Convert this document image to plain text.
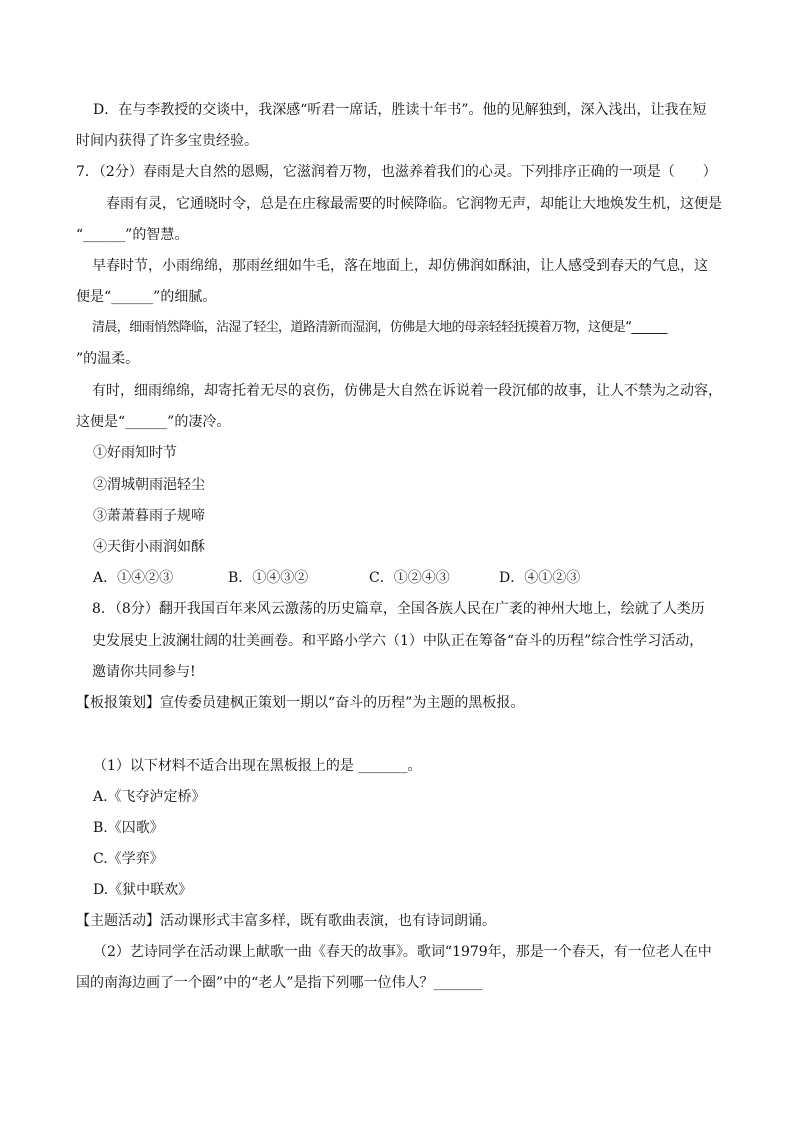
D．在与李教授的交谈中，我深感“听君一席话，胜读十年书”。他的见解独到，深入浅出，让我在短
时间内获得了许多宝贵经验。
7．（2分）春雨是大自然的恩赐，它滋润着万物，也滋养着我们的心灵。下列排序正确的一项是（　　）
春雨有灵，它通晓时令，总是在庄稼最需要的时候降临。它润物无声，却能让大地焕发生机，这便是
“______”的智慧。
早春时节，小雨绵绵，那雨丝细如牛毛，落在地面上，却仿佛润如酥油，让人感受到春天的气息，这
便是“______”的细腻。
清晨，细雨悄然降临，沾湿了轻尘，道路清新而湿润，仿佛是大地的母亲轻轻抚摸着万物，这便是“______
”的温柔。
有时，细雨绵绵，却寄托着无尽的哀伤，仿佛是大自然在诉说着一段沉郁的故事，让人不禁为之动容，
这便是“______”的凄冷。
①好雨知时节
②渭城朝雨浥轻尘
③萧萧暮雨子规啼
④天街小雨润如酥
A．①④②③	B．①④③②	C．①②④③	D．④①②③
8．（8分）翻开我国百年来风云激荡的历史篇章，全国各族人民在广袤的神州大地上，绘就了人类历
史发展史上波澜壮阔的壮美画卷。和平路小学六（1）中队正在筹备“奋斗的历程”综合性学习活动，
邀请你共同参与!
【板报策划】宣传委员建枫正策划一期以“奋斗的历程”为主题的黑板报。
（1）以下材料不适合出现在黑板报上的是 _______。
A.《飞夺泸定桥》
B.《囚歌》
C.《学弈》
D.《狱中联欢》
【主题活动】活动课形式丰富多样，既有歌曲表演，也有诗词朗诵。
（2）艺诗同学在活动课上献歌一曲《春天的故事》。歌词“1979年，那是一个春天，有一位老人在中
国的南海边画了一个圈”中的“老人”是指下列哪一位伟人？_______
